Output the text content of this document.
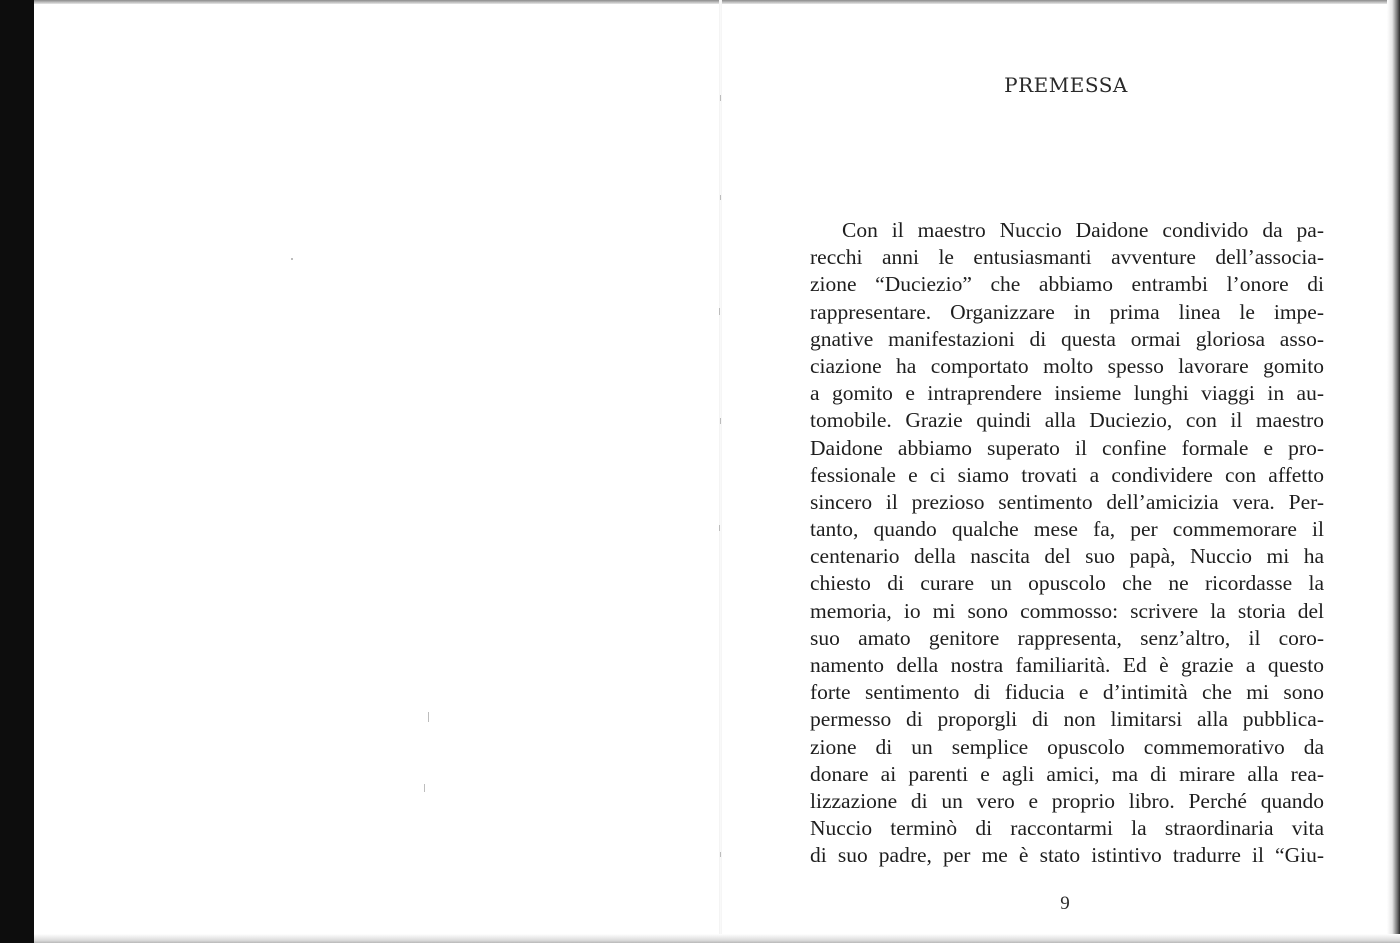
PREMESSA
Con il maestro Nuccio Daidone condivido da pa-
recchi anni le entusiasmanti avventure dell’associa-
zione “Duciezio” che abbiamo entrambi l’onore di
rappresentare. Organizzare in prima linea le impe-
gnative manifestazioni di questa ormai gloriosa asso-
ciazione ha comportato molto spesso lavorare gomito
a gomito e intraprendere insieme lunghi viaggi in au-
tomobile. Grazie quindi alla Duciezio, con il maestro
Daidone abbiamo superato il confine formale e pro-
fessionale e ci siamo trovati a condividere con affetto
sincero il prezioso sentimento dell’amicizia vera. Per-
tanto, quando qualche mese fa, per commemorare il
centenario della nascita del suo papà, Nuccio mi ha
chiesto di curare un opuscolo che ne ricordasse la
memoria, io mi sono commosso: scrivere la storia del
suo amato genitore rappresenta, senz’altro, il coro-
namento della nostra familiarità. Ed è grazie a questo
forte sentimento di fiducia e d’intimità che mi sono
permesso di proporgli di non limitarsi alla pubblica-
zione di un semplice opuscolo commemorativo da
donare ai parenti e agli amici, ma di mirare alla rea-
lizzazione di un vero e proprio libro. Perché quando
Nuccio terminò di raccontarmi la straordinaria vita
di suo padre, per me è stato istintivo tradurre il “Giu-
9
